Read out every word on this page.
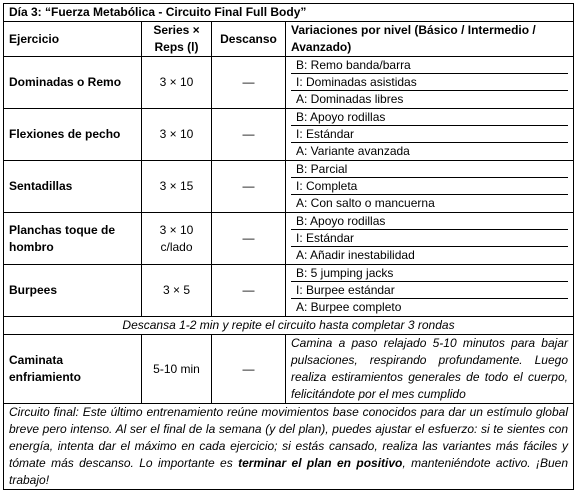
Día 3: “Fuerza Metabólica - Circuito Final Full Body”			
Ejercicio	Series × Reps (l)	Descanso	Variaciones por nivel (Básico / Intermedio / Avanzado)
Dominadas o Remo	3 × 10	—	B: Remo banda/barra
I: Dominadas asistidas
A: Dominadas libres

Flexiones de pecho	3 × 10	—	B: Apoyo rodillas
I: Estándar
A: Variante avanzada

Sentadillas	3 × 15	—	B: Parcial
I: Completa
A: Con salto o mancuerna

Planchas toque de hombro	3 × 10 c/lado	—	B: Apoyo rodillas
I: Estándar
A: Añadir inestabilidad

Burpees	3 × 5	—	B: 5 jumping jacks
I: Burpee estándar
A: Burpee completo

Descansa 1-2 min y repite el circuito hasta completar 3 rondas			
Caminata enfriamiento	5-10 min	—	Camina a paso relajado 5-10 minutos para bajar pulsaciones, respirando profundamente. Luego realiza estiramientos generales de todo el cuerpo, felicitándote por el mes cumplido
Circuito final: Este último entrenamiento reúne movimientos base conocidos para dar un estímulo global breve pero intenso. Al ser el final de la semana (y del plan), puedes ajustar el esfuerzo: si te sientes con energía, intenta dar el máximo en cada ejercicio; si estás cansado, realiza las variantes más fáciles y tómate más descanso. Lo importante es terminar el plan en positivo, manteniéndote activo. ¡Buen trabajo!			
